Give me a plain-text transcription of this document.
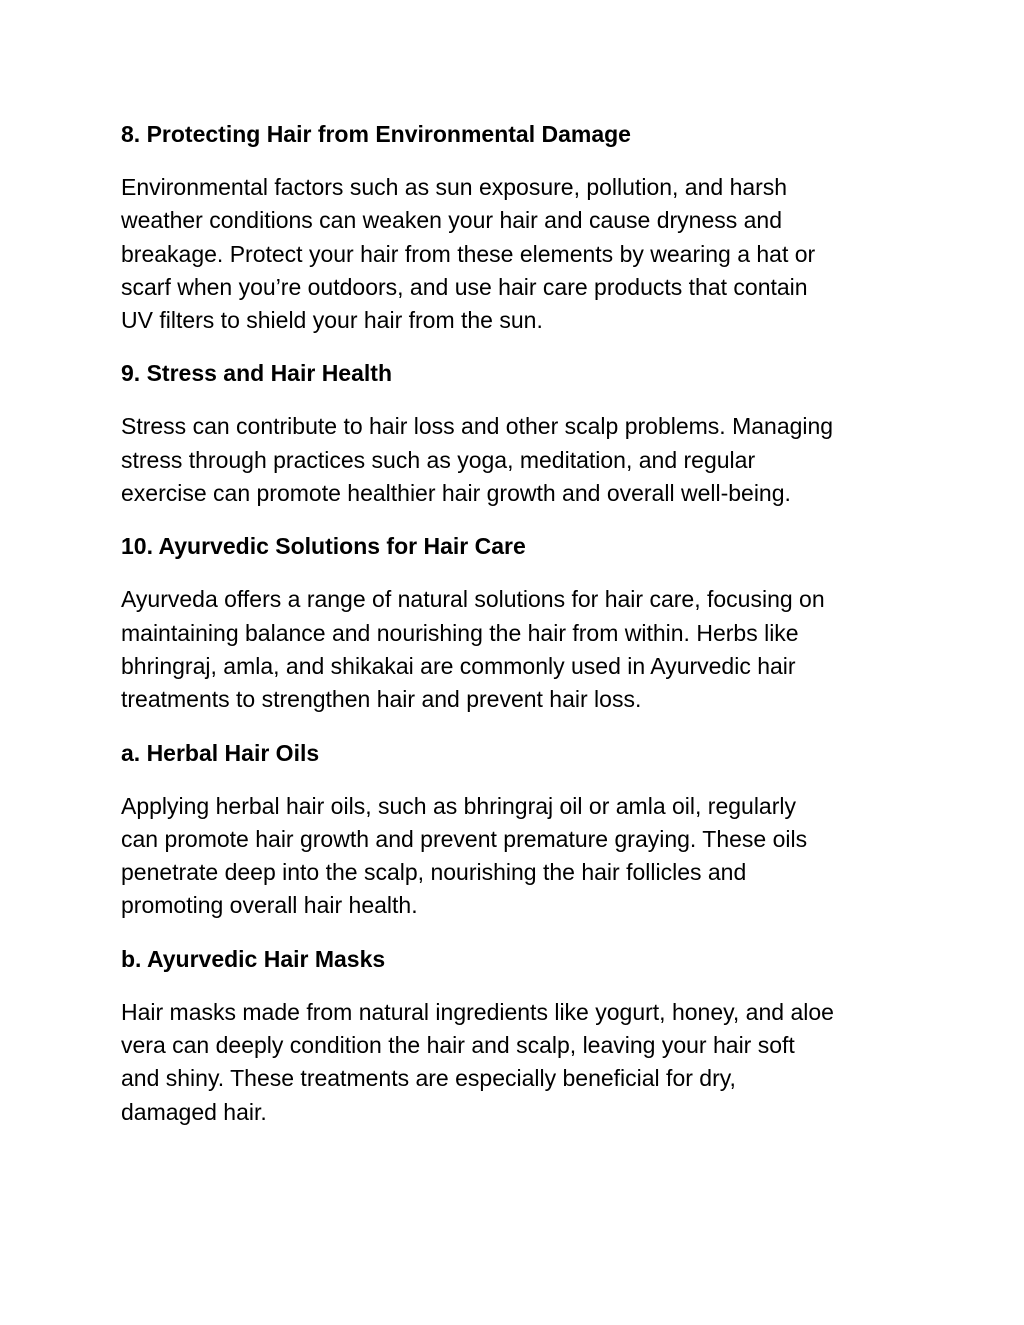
8. Protecting Hair from Environmental Damage
Environmental factors such as sun exposure, pollution, and harsh
weather conditions can weaken your hair and cause dryness and
breakage. Protect your hair from these elements by wearing a hat or
scarf when you’re outdoors, and use hair care products that contain
UV filters to shield your hair from the sun.
9. Stress and Hair Health
Stress can contribute to hair loss and other scalp problems. Managing
stress through practices such as yoga, meditation, and regular
exercise can promote healthier hair growth and overall well-being.
10. Ayurvedic Solutions for Hair Care
Ayurveda offers a range of natural solutions for hair care, focusing on
maintaining balance and nourishing the hair from within. Herbs like
bhringraj, amla, and shikakai are commonly used in Ayurvedic hair
treatments to strengthen hair and prevent hair loss.
a. Herbal Hair Oils
Applying herbal hair oils, such as bhringraj oil or amla oil, regularly
can promote hair growth and prevent premature graying. These oils
penetrate deep into the scalp, nourishing the hair follicles and
promoting overall hair health.
b. Ayurvedic Hair Masks
Hair masks made from natural ingredients like yogurt, honey, and aloe
vera can deeply condition the hair and scalp, leaving your hair soft
and shiny. These treatments are especially beneficial for dry,
damaged hair.
